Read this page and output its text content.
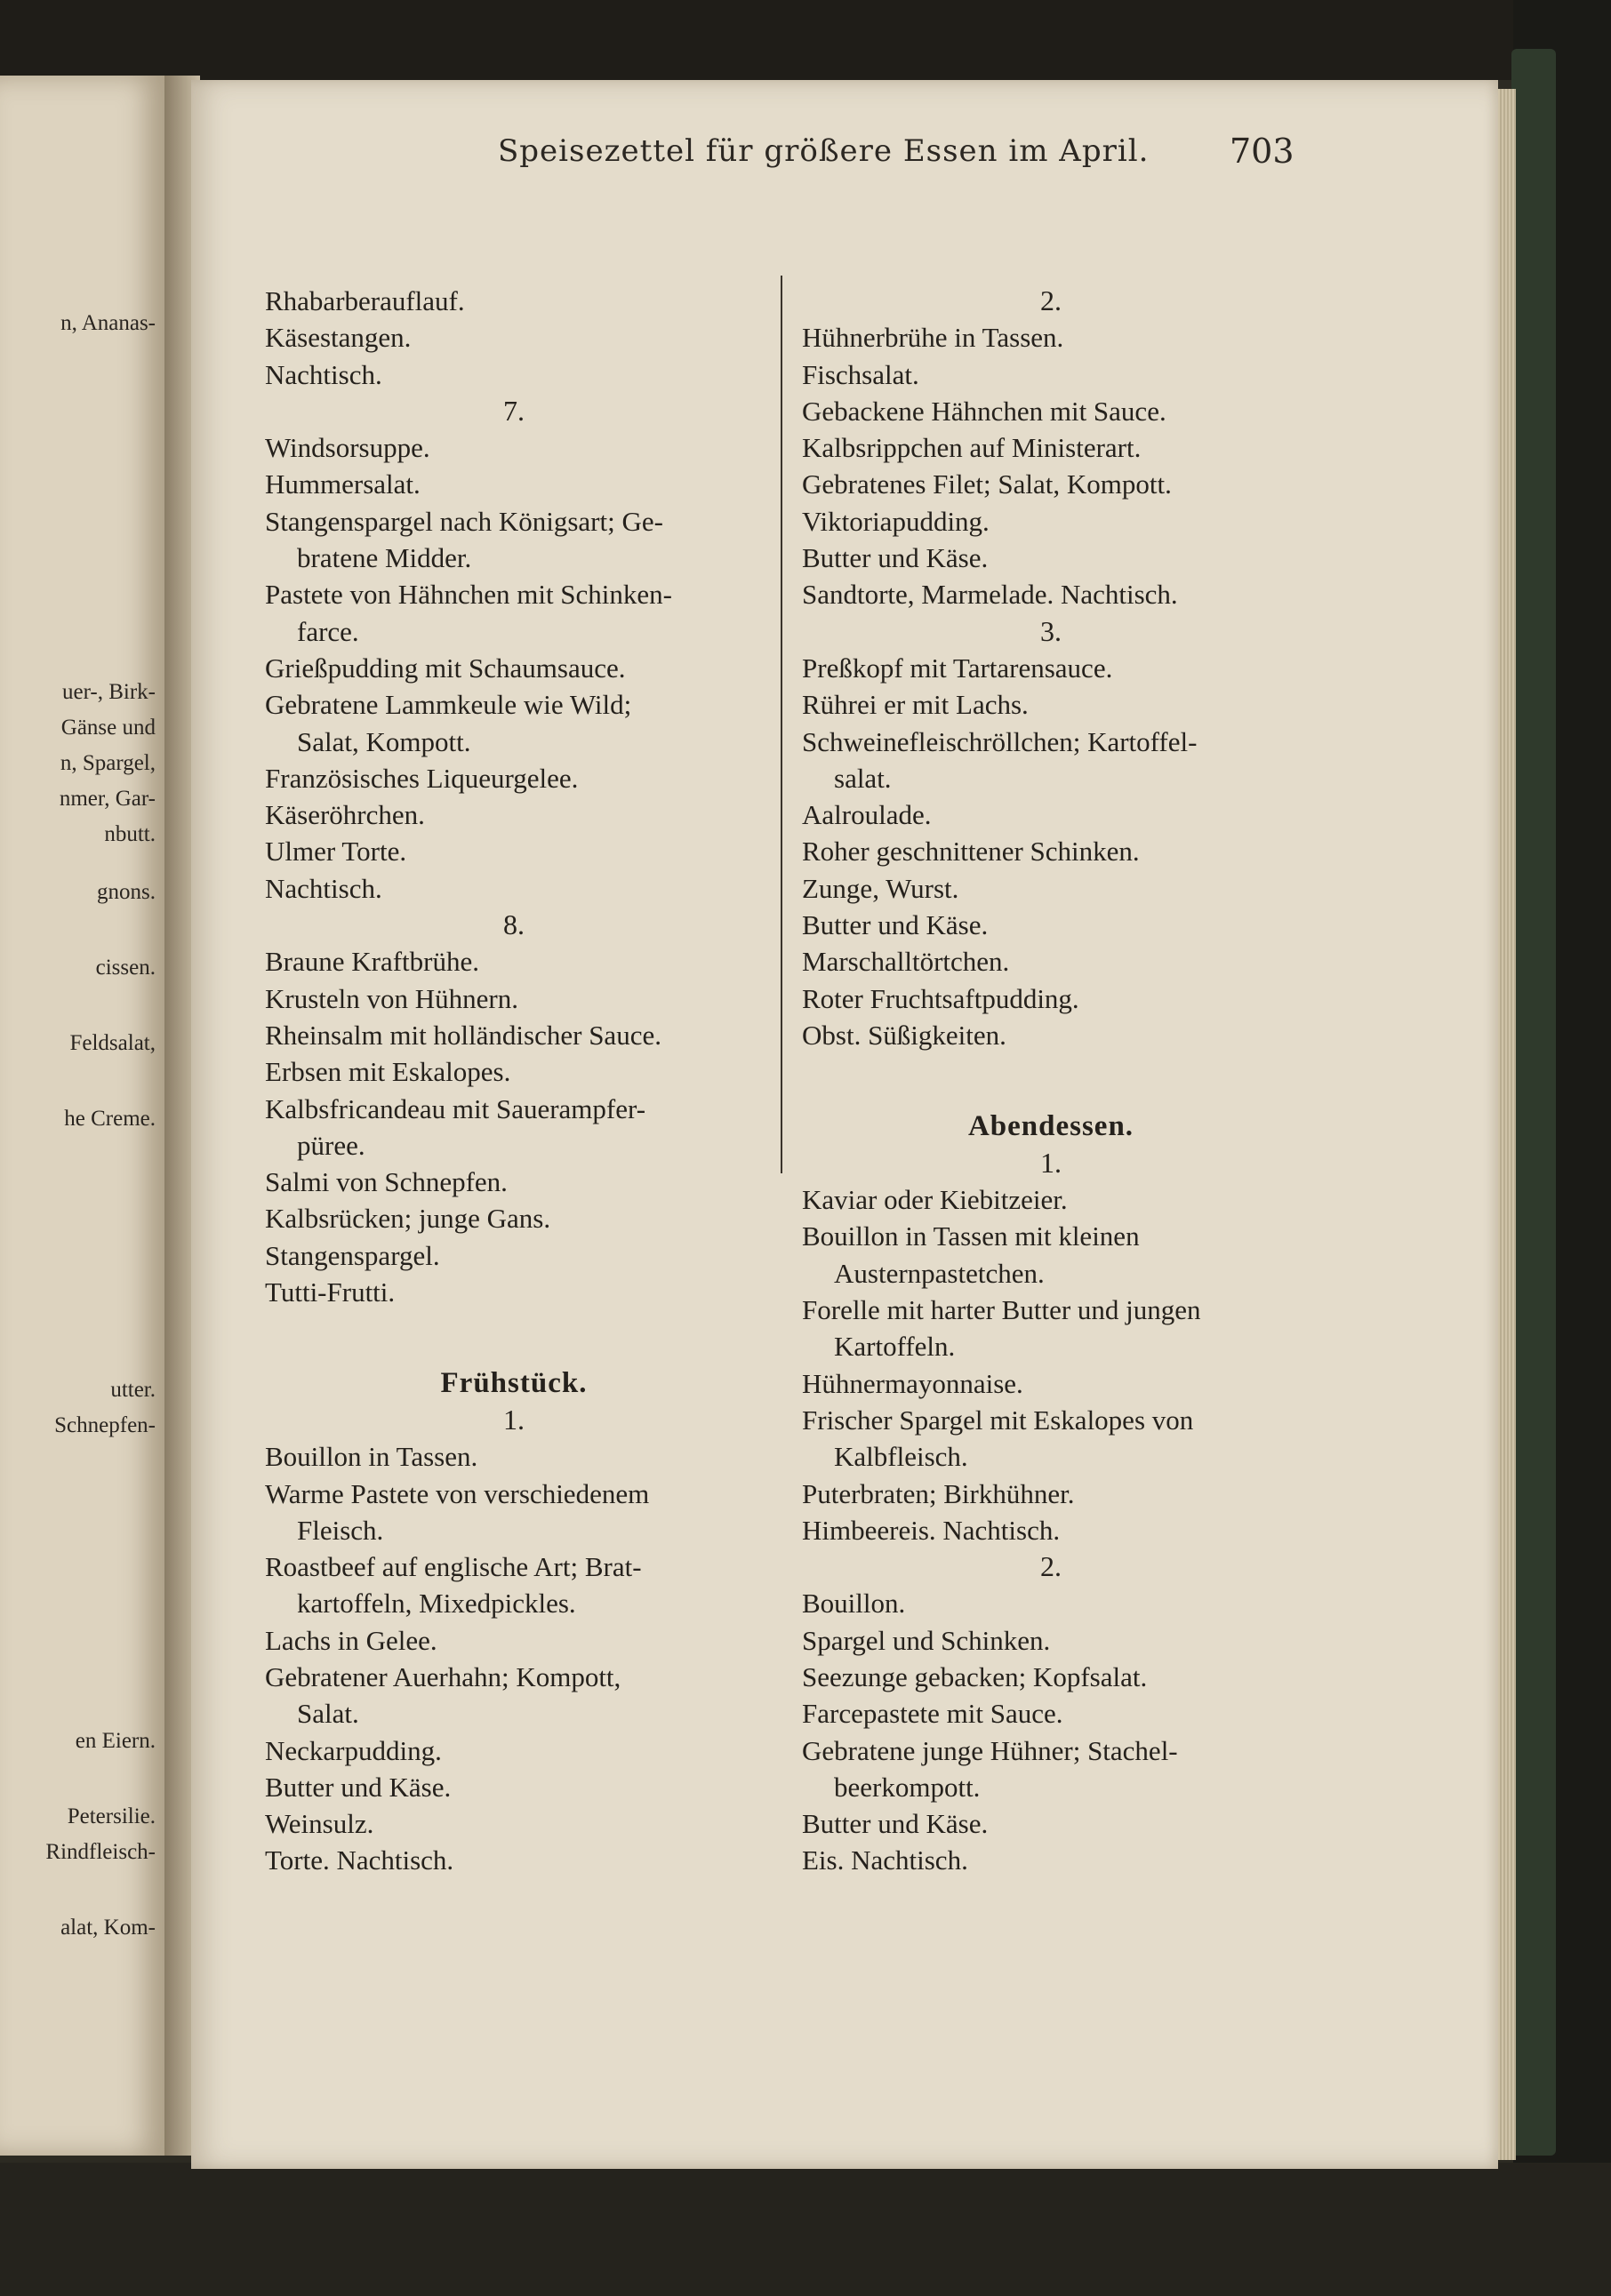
n, Ananas-
uer-, Birk-
Gänse und
n, Spargel,
nmer, Gar-
nbutt.
gnons.
cissen.
Feldsalat,
he Creme.
utter.
Schnepfen-
en Eiern.
Petersilie.
Rindfleisch-
alat, Kom-
Speisezettel für größere Essen im April. 703
Rhabarberauflauf.
Käsestangen.
Nachtisch.
7.
Windsorsuppe.
Hummersalat.
Stangenspargel nach Königsart; Ge-
bratene Midder.
Pastete von Hähnchen mit Schinken-
farce.
Grießpudding mit Schaumsauce.
Gebratene Lammkeule wie Wild;
Salat, Kompott.
Französisches Liqueurgelee.
Käseröhrchen.
Ulmer Torte.
Nachtisch.
8.
Braune Kraftbrühe.
Krusteln von Hühnern.
Rheinsalm mit holländischer Sauce.
Erbsen mit Eskalopes.
Kalbsfricandeau mit Sauerampfer-
püree.
Salmi von Schnepfen.
Kalbsrücken; junge Gans.
Stangenspargel.
Tutti-Frutti.
Frühstück.
1.
Bouillon in Tassen.
Warme Pastete von verschiedenem
Fleisch.
Roastbeef auf englische Art; Brat-
kartoffeln, Mixedpickles.
Lachs in Gelee.
Gebratener Auerhahn; Kompott,
Salat.
Neckarpudding.
Butter und Käse.
Weinsulz.
Torte. Nachtisch.
2.
Hühnerbrühe in Tassen.
Fischsalat.
Gebackene Hähnchen mit Sauce.
Kalbsrippchen auf Ministerart.
Gebratenes Filet; Salat, Kompott.
Viktoriapudding.
Butter und Käse.
Sandtorte, Marmelade. Nachtisch.
3.
Preßkopf mit Tartarensauce.
Rührei er mit Lachs.
Schweinefleischröllchen; Kartoffel-
salat.
Aalroulade.
Roher geschnittener Schinken.
Zunge, Wurst.
Butter und Käse.
Marschalltörtchen.
Roter Fruchtsaftpudding.
Obst. Süßigkeiten.
Abendessen.
1.
Kaviar oder Kiebitzeier.
Bouillon in Tassen mit kleinen
Austernpastetchen.
Forelle mit harter Butter und jungen
Kartoffeln.
Hühnermayonnaise.
Frischer Spargel mit Eskalopes von
Kalbfleisch.
Puterbraten; Birkhühner.
Himbeereis. Nachtisch.
2.
Bouillon.
Spargel und Schinken.
Seezunge gebacken; Kopfsalat.
Farcepastete mit Sauce.
Gebratene junge Hühner; Stachel-
beerkompott.
Butter und Käse.
Eis. Nachtisch.
